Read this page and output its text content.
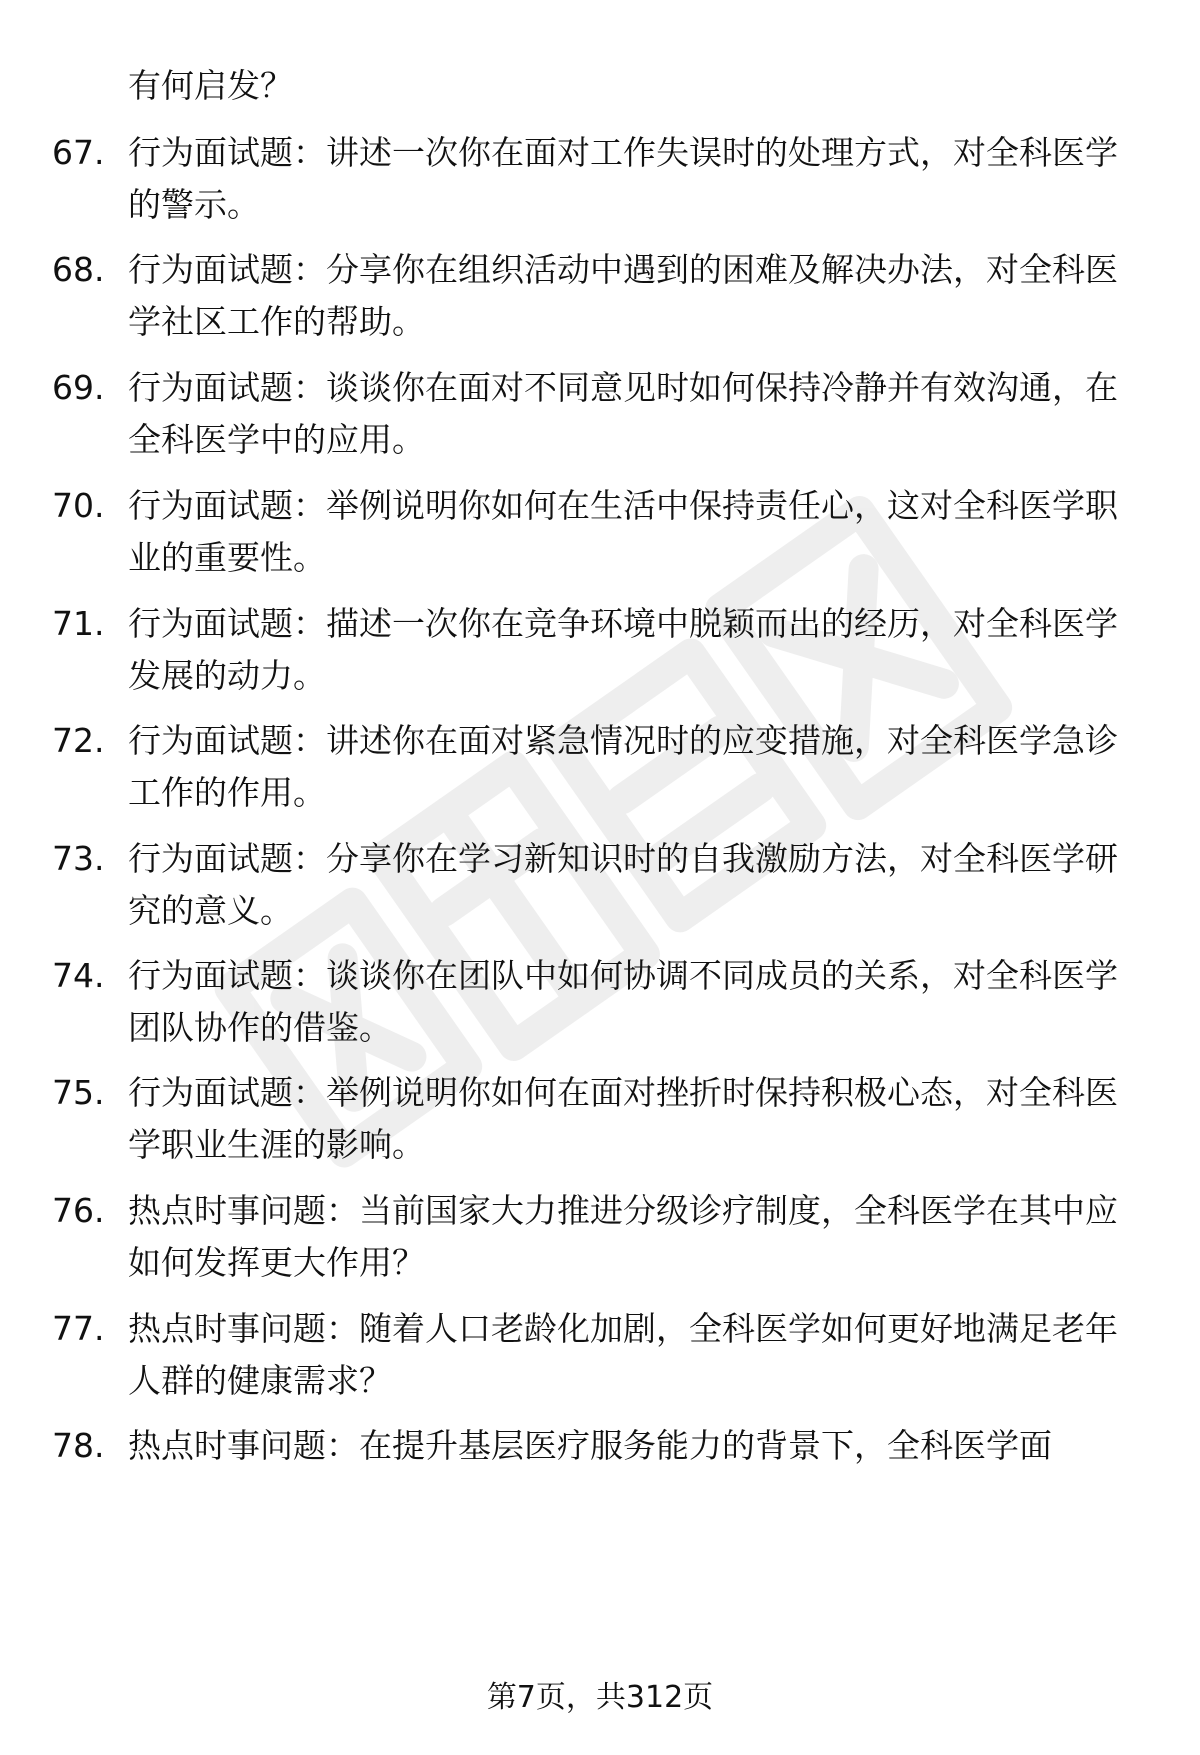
有何启发？
67. 行为面试题：讲述一次你在面对工作失误时的处理方式，对全科医学的警示。
68. 行为面试题：分享你在组织活动中遇到的困难及解决办法，对全科医学社区工作的帮助。
69. 行为面试题：谈谈你在面对不同意见时如何保持冷静并有效沟通，在全科医学中的应用。
70. 行为面试题：举例说明你如何在生活中保持责任心，这对全科医学职业的重要性。
71. 行为面试题：描述一次你在竞争环境中脱颖而出的经历，对全科医学发展的动力。
72. 行为面试题：讲述你在面对紧急情况时的应变措施，对全科医学急诊工作的作用。
73. 行为面试题：分享你在学习新知识时的自我激励方法，对全科医学研究的意义。
74. 行为面试题：谈谈你在团队中如何协调不同成员的关系，对全科医学团队协作的借鉴。
75. 行为面试题：举例说明你如何在面对挫折时保持积极心态，对全科医学职业生涯的影响。
76. 热点时事问题：当前国家大力推进分级诊疗制度，全科医学在其中应如何发挥更大作用？
77. 热点时事问题：随着人口老龄化加剧，全科医学如何更好地满足老年人群的健康需求？
78. 热点时事问题：在提升基层医疗服务能力的背景下，全科医学面
第7页，共312页
